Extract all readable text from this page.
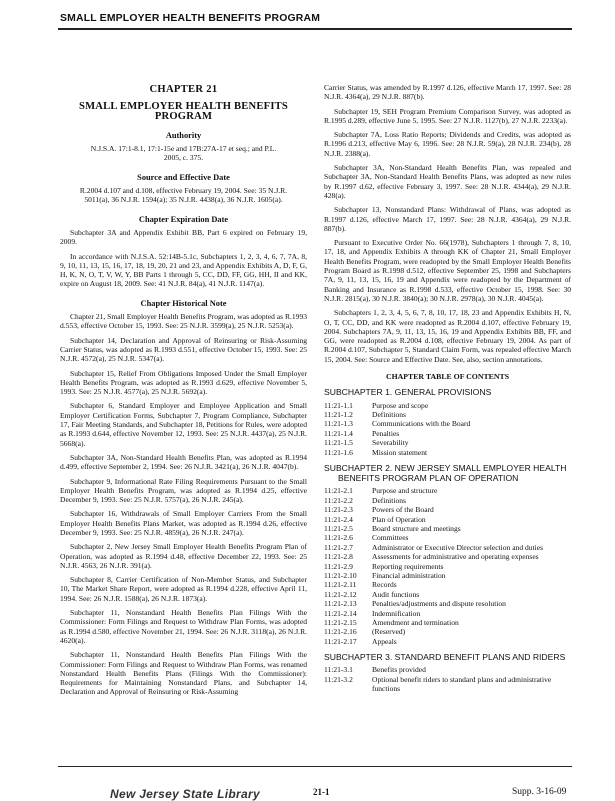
SMALL EMPLOYER HEALTH BENEFITS PROGRAM
CHAPTER 21
SMALL EMPLOYER HEALTH BENEFITS PROGRAM
Authority
N.J.S.A. 17:1-8.1, 17:1-15e and 17B:27A-17 et seq.; and P.L. 2005, c. 375.
Source and Effective Date
R.2004 d.107 and d.108, effective February 19, 2004. See: 35 N.J.R. 5011(a), 36 N.J.R. 1594(a); 35 N.J.R. 4438(a), 36 N.J.R. 1605(a).
Chapter Expiration Date

Subchapter 3A and Appendix Exhibit BB, Part 6 expired on February 19, 2009.

In accordance with N.J.S.A. 52:14B-5.1c, Subchapters 1, 2, 3, 4, 6, 7, 7A, 8, 9, 10, 11, 13, 15, 16, 17, 18, 19, 20, 21 and 23, and Appendix Exhibits A, D, F, G, H, K, N, O, T, V, W, Y, BB Parts 1 through 5, CC, DD, FF, GG, HH, II and KK, expire on August 18, 2009. See: 41 N.J.R. 84(a), 41 N.J.R. 1147(a).

Chapter Historical Note

Chapter 21, Small Employer Health Benefits Program, was adopted as R.1993 d.553, effective October 15, 1993. See: 25 N.J.R. 3599(a), 25 N.J.R. 5253(a).

Subchapter 14, Declaration and Approval of Reinsuring or Risk-Assuming Carrier Status, was adopted as R.1993 d.551, effective October 15, 1993. See: 25 N.J.R. 4572(a), 25 N.J.R. 5347(a).

Subchapter 15, Relief From Obligations Imposed Under the Small Employer Health Benefits Program, was adopted as R.1993 d.629, effective November 5, 1993. See: 25 N.J.R. 4577(a), 25 N.J.R. 5692(a).

Subchapter 6, Standard Employer and Employee Application and Small Employer Certification Forms, Subchapter 7, Program Compliance, Subchapter 17, Fair Meeting Standards, and Subchapter 18, Petitions for Rules, were adopted as R.1993 d.644, effective November 12, 1993. See: 25 N.J.R. 4437(a), 25 N.J.R. 5668(a).

Subchapter 3A, Non-Standard Health Benefits Plan, was adopted as R.1994 d.499, effective September 2, 1994. See: 26 N.J.R. 3421(a), 26 N.J.R. 4047(b).

Subchapter 9, Informational Rate Filing Requirements Pursuant to the Small Employer Health Benefits Program, was adopted as R.1994 d.25, effective December 9, 1993. See: 25 N.J.R. 5757(a), 26 N.J.R. 245(a).

Subchapter 16, Withdrawals of Small Employer Carriers From the Small Employer Health Benefits Plans Market, was adopted as R.1994 d.26, effective December 9, 1993. See: 25 N.J.R. 4859(a), 26 N.J.R. 247(a).

Subchapter 2, New Jersey Small Employer Health Benefits Program Plan of Operation, was adopted as R.1994 d.48, effective December 22, 1993. See: 25 N.J.R. 4563, 26 N.J.R. 391(a).

Subchapter 8, Carrier Certification of Non-Member Status, and Subchapter 10, The Market Share Report, were adopted as R.1994 d.228, effective April 11, 1994. See: 26 N.J.R. 1588(a), 26 N.J.R. 1873(a).

Subchapter 11, Nonstandard Health Benefits Plan Filings With the Commissioner: Form Filings and Request to Withdraw Plan Forms, was adopted as R.1994 d.580, effective November 21, 1994. See: 26 N.J.R. 3118(a), 26 N.J.R. 4620(a).

Subchapter 11, Nonstandard Health Benefits Plan Filings With the Commissioner: Form Filings and Request to Withdraw Plan Forms, was renamed Nonstandard Health Benefits Plans (Filings With the Commissioner): Requirements for Maintaining Nonstandard Plans, and Subchapter 14, Declaration and Approval of Reinsuring or Risk-Assuming

Carrier Status, was amended by R.1997 d.126, effective March 17, 1997. See: 28 N.J.R. 4364(a), 29 N.J.R. 887(b).

Subchapter 19, SEH Program Premium Comparison Survey, was adopted as R.1995 d.289, effective June 5, 1995. See: 27 N.J.R. 1127(b), 27 N.J.R. 2233(a).

Subchapter 7A, Loss Ratio Reports; Dividends and Credits, was adopted as R.1996 d.213, effective May 6, 1996. See: 28 N.J.R. 59(a), 28 N.J.R. 234(b), 28 N.J.R. 2388(a).

Subchapter 3A, Non-Standard Health Benefits Plan, was repealed and Subchapter 3A, Non-Standard Health Benefits Plans, was adopted as new rules by R.1997 d.62, effective February 3, 1997. See: 28 N.J.R. 4344(a), 29 N.J.R. 428(a).

Subchapter 13, Nonstandard Plans: Withdrawal of Plans, was adopted as R.1997 d.126, effective March 17, 1997. See: 28 N.J.R. 4364(a), 29 N.J.R. 887(b).

Pursuant to Executive Order No. 66(1978), Subchapters 1 through 7, 8, 10, 17, 18, and Appendix Exhibits A through KK of Chapter 21, Small Employer Health Benefits Program, were readopted by the Small Employer Health Benefits Program Board as R.1998 d.512, effective September 25, 1998 and Subchapters 7A, 9, 11, 13, 15, 16, 19 and Appendix were readopted by the Department of Banking and Insurance as R.1998 d.533, effective October 15, 1998. See: 30 N.J.R. 2815(a), 30 N.J.R. 3840(a); 30 N.J.R. 2978(a), 30 N.J.R. 4045(a).

Subchapters 1, 2, 3, 4, 5, 6, 7, 8, 10, 17, 18, 23 and Appendix Exhibits H, N, O, T, CC, DD, and KK were readopted as R.2004 d.107, effective February 19, 2004. Subchapters 7A, 9, 11, 13, 15, 16, 19 and Appendix Exhibits BB, FF, and GG, were readopted as R.2004 d.108, effective February 19, 2004. As part of R.2004 d.107, Subchapter 5, Standard Claim Form, was repealed effective March 15, 2004. See: Source and Effective Date. See, also, section annotations.

CHAPTER TABLE OF CONTENTS
SUBCHAPTER 1. GENERAL PROVISIONS
11:21-1.1	Purpose and scope
11:21-1.2	Definitions
11:21-1.3	Communications with the Board
11:21-1.4	Penalties
11:21-1.5	Severability
11:21-1.6	Mission statement
SUBCHAPTER 2. NEW JERSEY SMALL EMPLOYER HEALTH BENEFITS PROGRAM PLAN OF OPERATION
11:21-2.1	Purpose and structure
11:21-2.2	Definitions
11:21-2.3	Powers of the Board
11:21-2.4	Plan of Operation
11:21-2.5	Board structure and meetings
11:21-2.6	Committees
11:21-2.7	Administrator or Executive Director selection and duties
11:21-2.8	Assessments for administrative and operating expenses
11:21-2.9	Reporting requirements
11:21-2.10	Financial administration
11:21-2.11	Records
11:21-2.12	Audit functions
11:21-2.13	Penalties/adjustments and dispute resolution
11:21-2.14	Indemnification
11:21-2.15	Amendment and termination
11:21-2.16	(Reserved)
11:21-2.17	Appeals
SUBCHAPTER 3. STANDARD BENEFIT PLANS AND RIDERS
11:21-3.1	Benefits provided
11:21-3.2	Optional benefit riders to standard plans and administrative functions
New Jersey State Library	21-1	Supp. 3-16-09
